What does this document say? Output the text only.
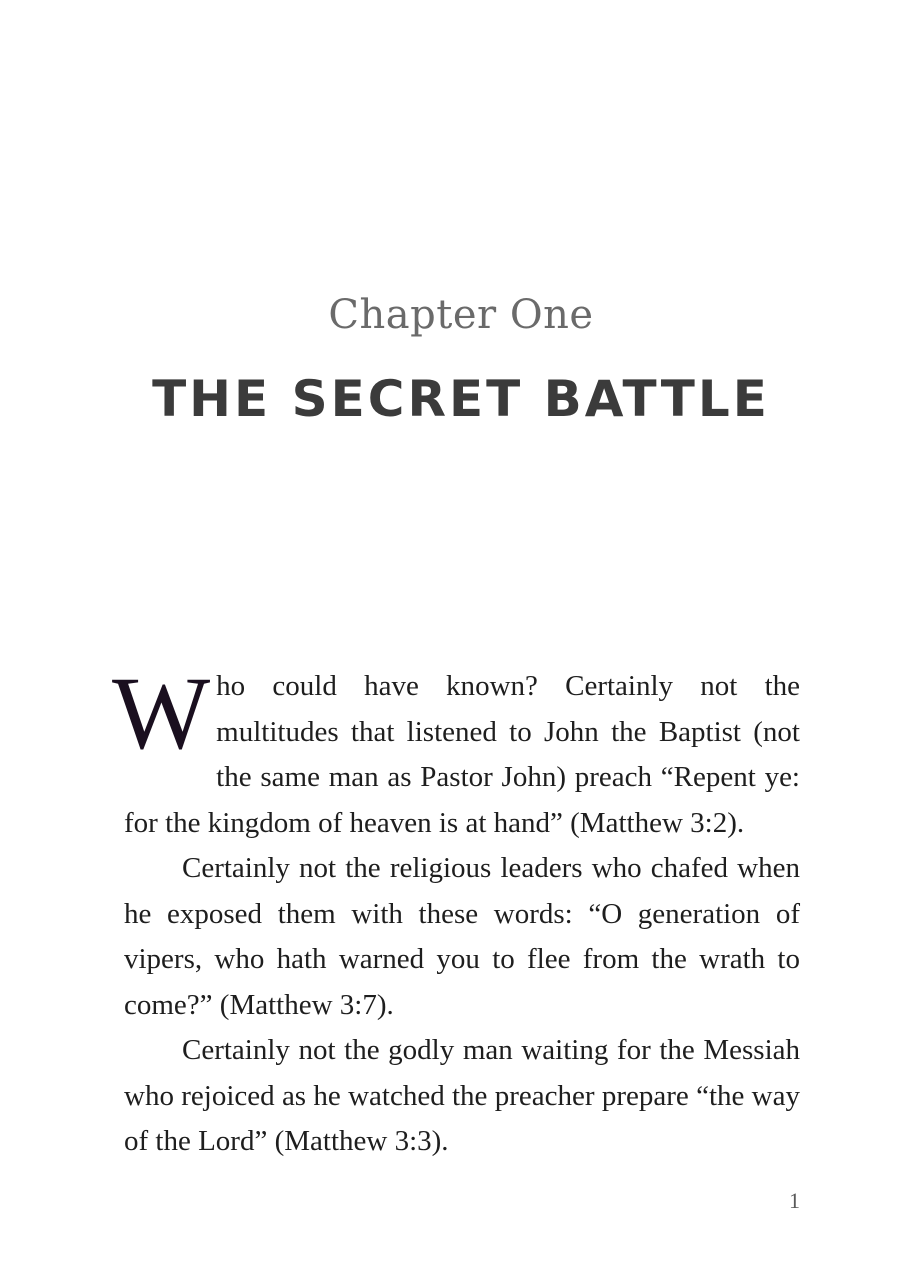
Chapter One
THE SECRET BATTLE

Who could have known? Certainly not the multitudes that listened to John the Baptist (not the same man as Pastor John) preach “Repent ye: for the kingdom of heaven is at hand” (Matthew 3:2).

Certainly not the religious leaders who chafed when he exposed them with these words: “O generation of vipers, who hath warned you to flee from the wrath to come?” (Matthew 3:7).

Certainly not the godly man waiting for the Messiah who rejoiced as he watched the preacher prepare “the way of the Lord” (Matthew 3:3).

1
